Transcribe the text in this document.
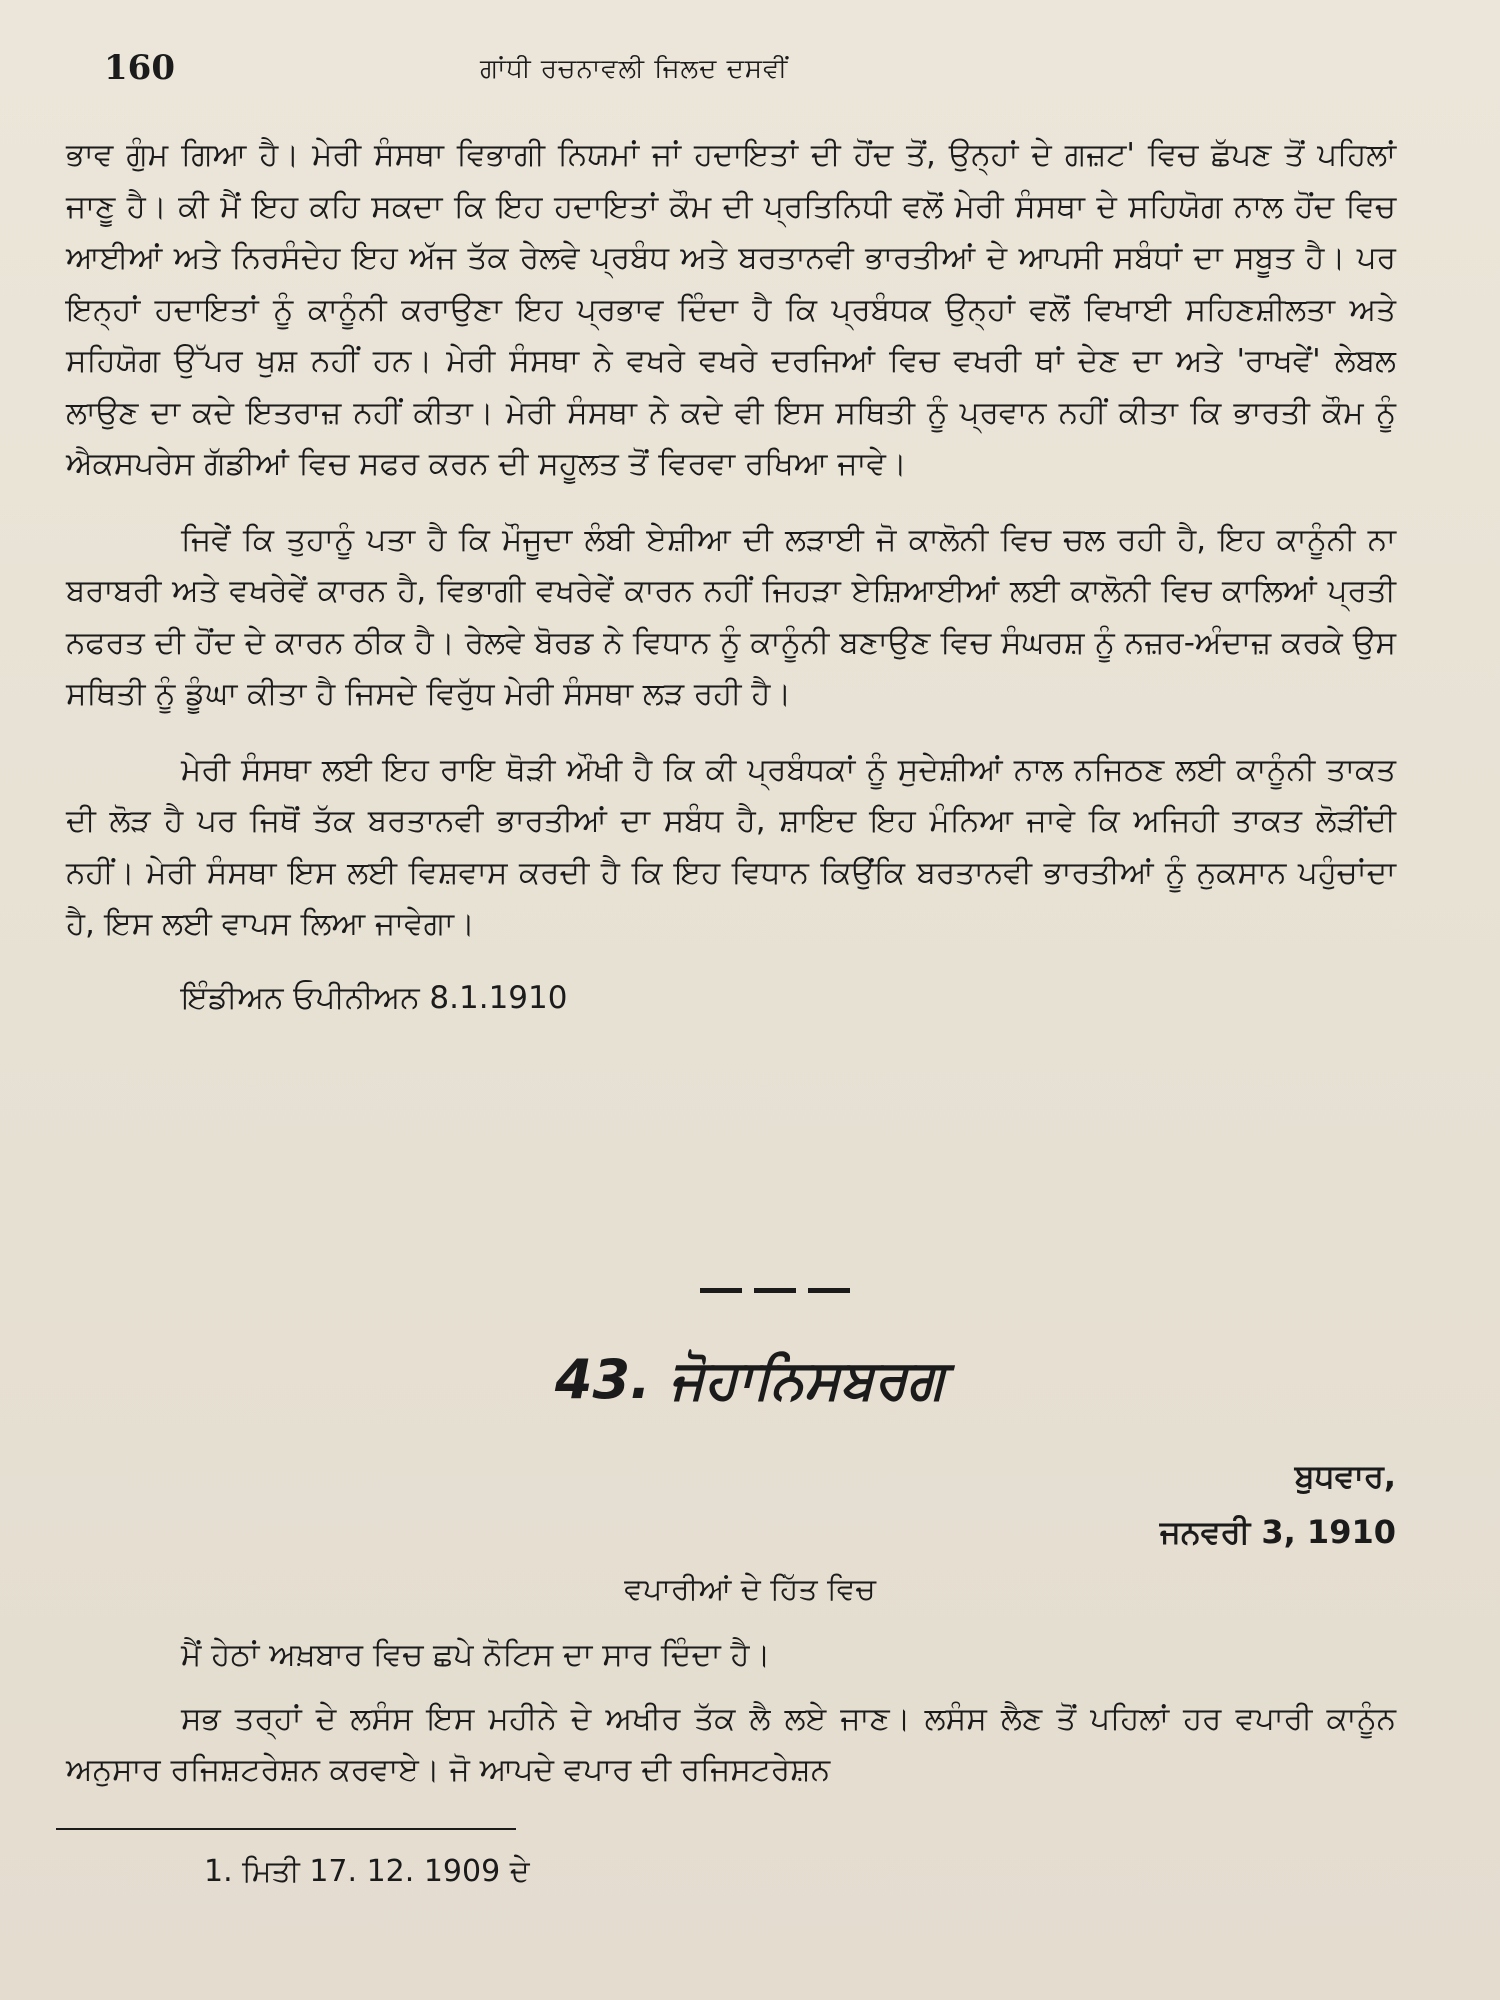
160	ਗਾਂਧੀ ਰਚਨਾਵਲੀ ਜਿਲਦ ਦਸਵੀਂ

ਭਾਵ ਗੁੰਮ ਗਿਆ ਹੈ। ਮੇਰੀ ਸੰਸਥਾ ਵਿਭਾਗੀ ਨਿਯਮਾਂ ਜਾਂ ਹਦਾਇਤਾਂ ਦੀ ਹੋਂਦ ਤੋਂ, ਉਨ੍ਹਾਂ ਦੇ ਗਜ਼ਟ' ਵਿਚ ਛੱਪਣ ਤੋਂ ਪਹਿਲਾਂ ਜਾਣੂ ਹੈ। ਕੀ ਮੈਂ ਇਹ ਕਹਿ ਸਕਦਾ ਕਿ ਇਹ ਹਦਾਇਤਾਂ ਕੌਮ ਦੀ ਪ੍ਰਤਿਨਿਧੀ ਵਲੋਂ ਮੇਰੀ ਸੰਸਥਾ ਦੇ ਸਹਿਯੋਗ ਨਾਲ ਹੋਂਦ ਵਿਚ ਆਈਆਂ ਅਤੇ ਨਿਰਸੰਦੇਹ ਇਹ ਅੱਜ ਤੱਕ ਰੇਲਵੇ ਪ੍ਰਬੰਧ ਅਤੇ ਬਰਤਾਨਵੀ ਭਾਰਤੀਆਂ ਦੇ ਆਪਸੀ ਸਬੰਧਾਂ ਦਾ ਸਬੂਤ ਹੈ। ਪਰ ਇਨ੍ਹਾਂ ਹਦਾਇਤਾਂ ਨੂੰ ਕਾਨੂੰਨੀ ਕਰਾਉਣਾ ਇਹ ਪ੍ਰਭਾਵ ਦਿੰਦਾ ਹੈ ਕਿ ਪ੍ਰਬੰਧਕ ਉਨ੍ਹਾਂ ਵਲੋਂ ਵਿਖਾਈ ਸਹਿਣਸ਼ੀਲਤਾ ਅਤੇ ਸਹਿਯੋਗ ਉੱਪਰ ਖੁਸ਼ ਨਹੀਂ ਹਨ। ਮੇਰੀ ਸੰਸਥਾ ਨੇ ਵਖਰੇ ਵਖਰੇ ਦਰਜਿਆਂ ਵਿਚ ਵਖਰੀ ਥਾਂ ਦੇਣ ਦਾ ਅਤੇ 'ਰਾਖਵੇਂ' ਲੇਬਲ ਲਾਉਣ ਦਾ ਕਦੇ ਇਤਰਾਜ਼ ਨਹੀਂ ਕੀਤਾ। ਮੇਰੀ ਸੰਸਥਾ ਨੇ ਕਦੇ ਵੀ ਇਸ ਸਥਿਤੀ ਨੂੰ ਪ੍ਰਵਾਨ ਨਹੀਂ ਕੀਤਾ ਕਿ ਭਾਰਤੀ ਕੌਮ ਨੂੰ ਐਕਸਪਰੇਸ ਗੱਡੀਆਂ ਵਿਚ ਸਫਰ ਕਰਨ ਦੀ ਸਹੂਲਤ ਤੋਂ ਵਿਰਵਾ ਰਖਿਆ ਜਾਵੇ।

ਜਿਵੇਂ ਕਿ ਤੁਹਾਨੂੰ ਪਤਾ ਹੈ ਕਿ ਮੌਜੂਦਾ ਲੰਬੀ ਏਸ਼ੀਆ ਦੀ ਲੜਾਈ ਜੋ ਕਾਲੋਨੀ ਵਿਚ ਚਲ ਰਹੀ ਹੈ, ਇਹ ਕਾਨੂੰਨੀ ਨਾ ਬਰਾਬਰੀ ਅਤੇ ਵਖਰੇਵੇਂ ਕਾਰਨ ਹੈ, ਵਿਭਾਗੀ ਵਖਰੇਵੇਂ ਕਾਰਨ ਨਹੀਂ ਜਿਹੜਾ ਏਸ਼ਿਆਈਆਂ ਲਈ ਕਾਲੋਨੀ ਵਿਚ ਕਾਲਿਆਂ ਪ੍ਰਤੀ ਨਫਰਤ ਦੀ ਹੋਂਦ ਦੇ ਕਾਰਨ ਠੀਕ ਹੈ। ਰੇਲਵੇ ਬੋਰਡ ਨੇ ਵਿਧਾਨ ਨੂੰ ਕਾਨੂੰਨੀ ਬਣਾਉਣ ਵਿਚ ਸੰਘਰਸ਼ ਨੂੰ ਨਜ਼ਰ-ਅੰਦਾਜ਼ ਕਰਕੇ ਉਸ ਸਥਿਤੀ ਨੂੰ ਡੂੰਘਾ ਕੀਤਾ ਹੈ ਜਿਸਦੇ ਵਿਰੁੱਧ ਮੇਰੀ ਸੰਸਥਾ ਲੜ ਰਹੀ ਹੈ।

ਮੇਰੀ ਸੰਸਥਾ ਲਈ ਇਹ ਰਾਇ ਥੋੜੀ ਔਖੀ ਹੈ ਕਿ ਕੀ ਪ੍ਰਬੰਧਕਾਂ ਨੂੰ ਸੁਦੇਸ਼ੀਆਂ ਨਾਲ ਨਜਿਠਣ ਲਈ ਕਾਨੂੰਨੀ ਤਾਕਤ ਦੀ ਲੋੜ ਹੈ ਪਰ ਜਿਥੋਂ ਤੱਕ ਬਰਤਾਨਵੀ ਭਾਰਤੀਆਂ ਦਾ ਸਬੰਧ ਹੈ, ਸ਼ਾਇਦ ਇਹ ਮੰਨਿਆ ਜਾਵੇ ਕਿ ਅਜਿਹੀ ਤਾਕਤ ਲੋੜੀਂਦੀ ਨਹੀਂ। ਮੇਰੀ ਸੰਸਥਾ ਇਸ ਲਈ ਵਿਸ਼ਵਾਸ ਕਰਦੀ ਹੈ ਕਿ ਇਹ ਵਿਧਾਨ ਕਿਉਂਕਿ ਬਰਤਾਨਵੀ ਭਾਰਤੀਆਂ ਨੂੰ ਨੁਕਸਾਨ ਪਹੁੰਚਾਂਦਾ ਹੈ, ਇਸ ਲਈ ਵਾਪਸ ਲਿਆ ਜਾਵੇਗਾ।

ਇੰਡੀਅਨ ਓਪੀਨੀਅਨ 8.1.1910

43. ਜੋਹਾਨਿਸਬਰਗ
ਬੁਧਵਾਰ,
ਜਨਵਰੀ 3, 1910
ਵਪਾਰੀਆਂ ਦੇ ਹਿੱਤ ਵਿਚ

ਮੈਂ ਹੇਠਾਂ ਅਖ਼ਬਾਰ ਵਿਚ ਛਪੇ ਨੋਟਿਸ ਦਾ ਸਾਰ ਦਿੰਦਾ ਹੈ।

ਸਭ ਤਰ੍ਹਾਂ ਦੇ ਲਸੰਸ ਇਸ ਮਹੀਨੇ ਦੇ ਅਖੀਰ ਤੱਕ ਲੈ ਲਏ ਜਾਣ। ਲਸੰਸ ਲੈਣ ਤੋਂ ਪਹਿਲਾਂ ਹਰ ਵਪਾਰੀ ਕਾਨੂੰਨ ਅਨੁਸਾਰ ਰਜਿਸ਼ਟਰੇਸ਼ਨ ਕਰਵਾਏ। ਜੋ ਆਪਦੇ ਵਪਾਰ ਦੀ ਰਜਿਸਟਰੇਸ਼ਨ

1. ਮਿਤੀ 17. 12. 1909 ਦੇ
